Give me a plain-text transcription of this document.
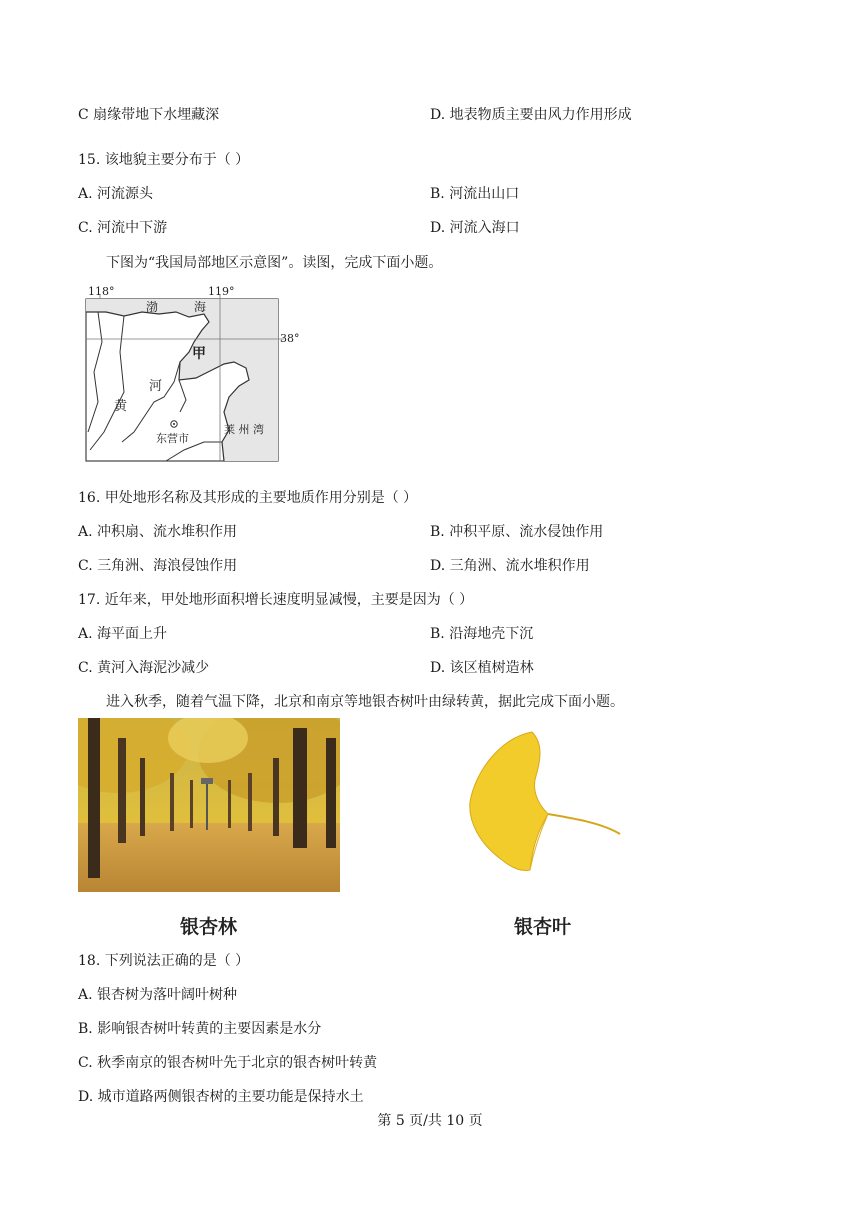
C 扇缘带地下水埋藏深	D. 地表物质主要由风力作用形成
15. 该地貌主要分布于（ ）
A. 河流源头	B. 河流出山口
C. 河流中下游	D. 河流入海口
下图为“我国局部地区示意图”。读图，完成下面小题。
118°	119°
38°
渤	海
甲
黄
河
东营市
莱 州 湾
16. 甲处地形名称及其形成的主要地质作用分别是（ ）
A. 冲积扇、流水堆积作用	B. 冲积平原、流水侵蚀作用
C. 三角洲、海浪侵蚀作用	D. 三角洲、流水堆积作用
17. 近年来，甲处地形面积增长速度明显减慢，主要是因为（ ）
A. 海平面上升	B. 沿海地壳下沉
C. 黄河入海泥沙减少	D. 该区植树造林
进入秋季，随着气温下降，北京和南京等地银杏树叶由绿转黄，据此完成下面小题。
银杏林	银杏叶
18. 下列说法正确的是（ ）
A. 银杏树为落叶阔叶树种
B. 影响银杏树叶转黄的主要因素是水分
C. 秋季南京的银杏树叶先于北京的银杏树叶转黄
D. 城市道路两侧银杏树的主要功能是保持水土
第 5 页/共 10 页
